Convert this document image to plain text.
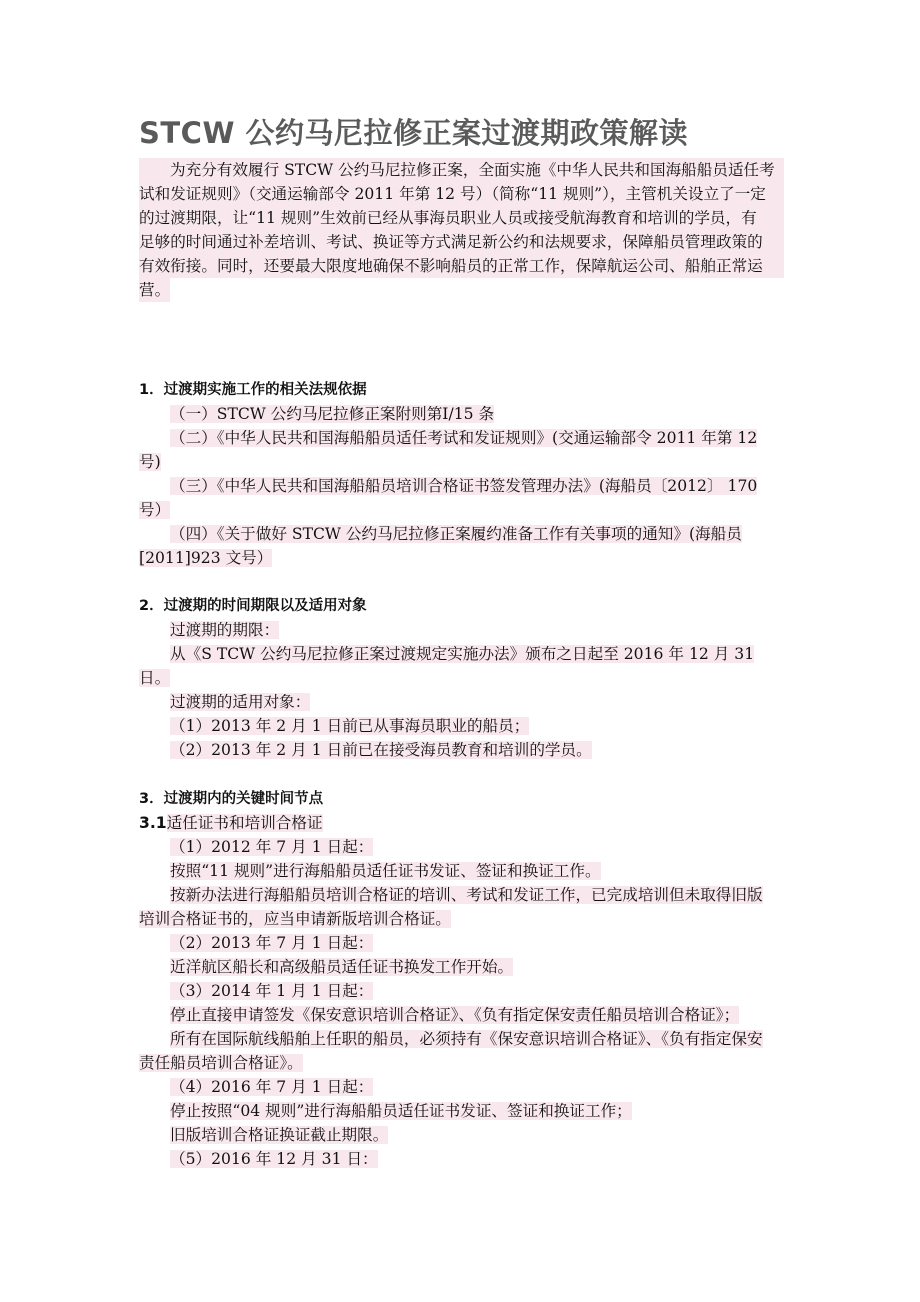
STCW 公约马尼拉修正案过渡期政策解读

为充分有效履行 STCW 公约马尼拉修正案，全面实施《中华人民共和国海船船员适任考
试和发证规则》（交通运输部令 2011 年第 12 号）（简称“11 规则”），主管机关设立了一定
的过渡期限，让“11 规则”生效前已经从事海员职业人员或接受航海教育和培训的学员，有
足够的时间通过补差培训、考试、换证等方式满足新公约和法规要求，保障船员管理政策的
有效衔接。同时，还要最大限度地确保不影响船员的正常工作，保障航运公司、船舶正常运
营。

1．过渡期实施工作的相关法规依据
（一）STCW 公约马尼拉修正案附则第Ⅰ/15 条
（二）《中华人民共和国海船船员适任考试和发证规则》(交通运输部令 2011 年第 12
号)
（三）《中华人民共和国海船船员培训合格证书签发管理办法》(海船员〔2012〕 170
号）
（四）《关于做好 STCW 公约马尼拉修正案履约准备工作有关事项的通知》(海船员
[2011]923 文号）
2．过渡期的时间期限以及适用对象
过渡期的期限：
从《S TCW 公约马尼拉修正案过渡规定实施办法》颁布之日起至 2016 年 12 月 31
日。
过渡期的适用对象：
（1）2013 年 2 月 1 日前已从事海员职业的船员；
（2）2013 年 2 月 1 日前已在接受海员教育和培训的学员。
3．过渡期内的关键时间节点
3.1适任证书和培训合格证
（1）2012 年 7 月 1 日起：
按照“11 规则”进行海船船员适任证书发证、签证和换证工作。
按新办法进行海船船员培训合格证的培训、考试和发证工作，已完成培训但未取得旧版
培训合格证书的，应当申请新版培训合格证。
（2）2013 年 7 月 1 日起：
近洋航区船长和高级船员适任证书换发工作开始。
（3）2014 年 1 月 1 日起：
停止直接申请签发《保安意识培训合格证》、《负有指定保安责任船员培训合格证》；
所有在国际航线船舶上任职的船员，必须持有《保安意识培训合格证》、《负有指定保安
责任船员培训合格证》。
（4）2016 年 7 月 1 日起：
停止按照“04 规则”进行海船船员适任证书发证、签证和换证工作；
旧版培训合格证换证截止期限。
（5）2016 年 12 月 31 日：
